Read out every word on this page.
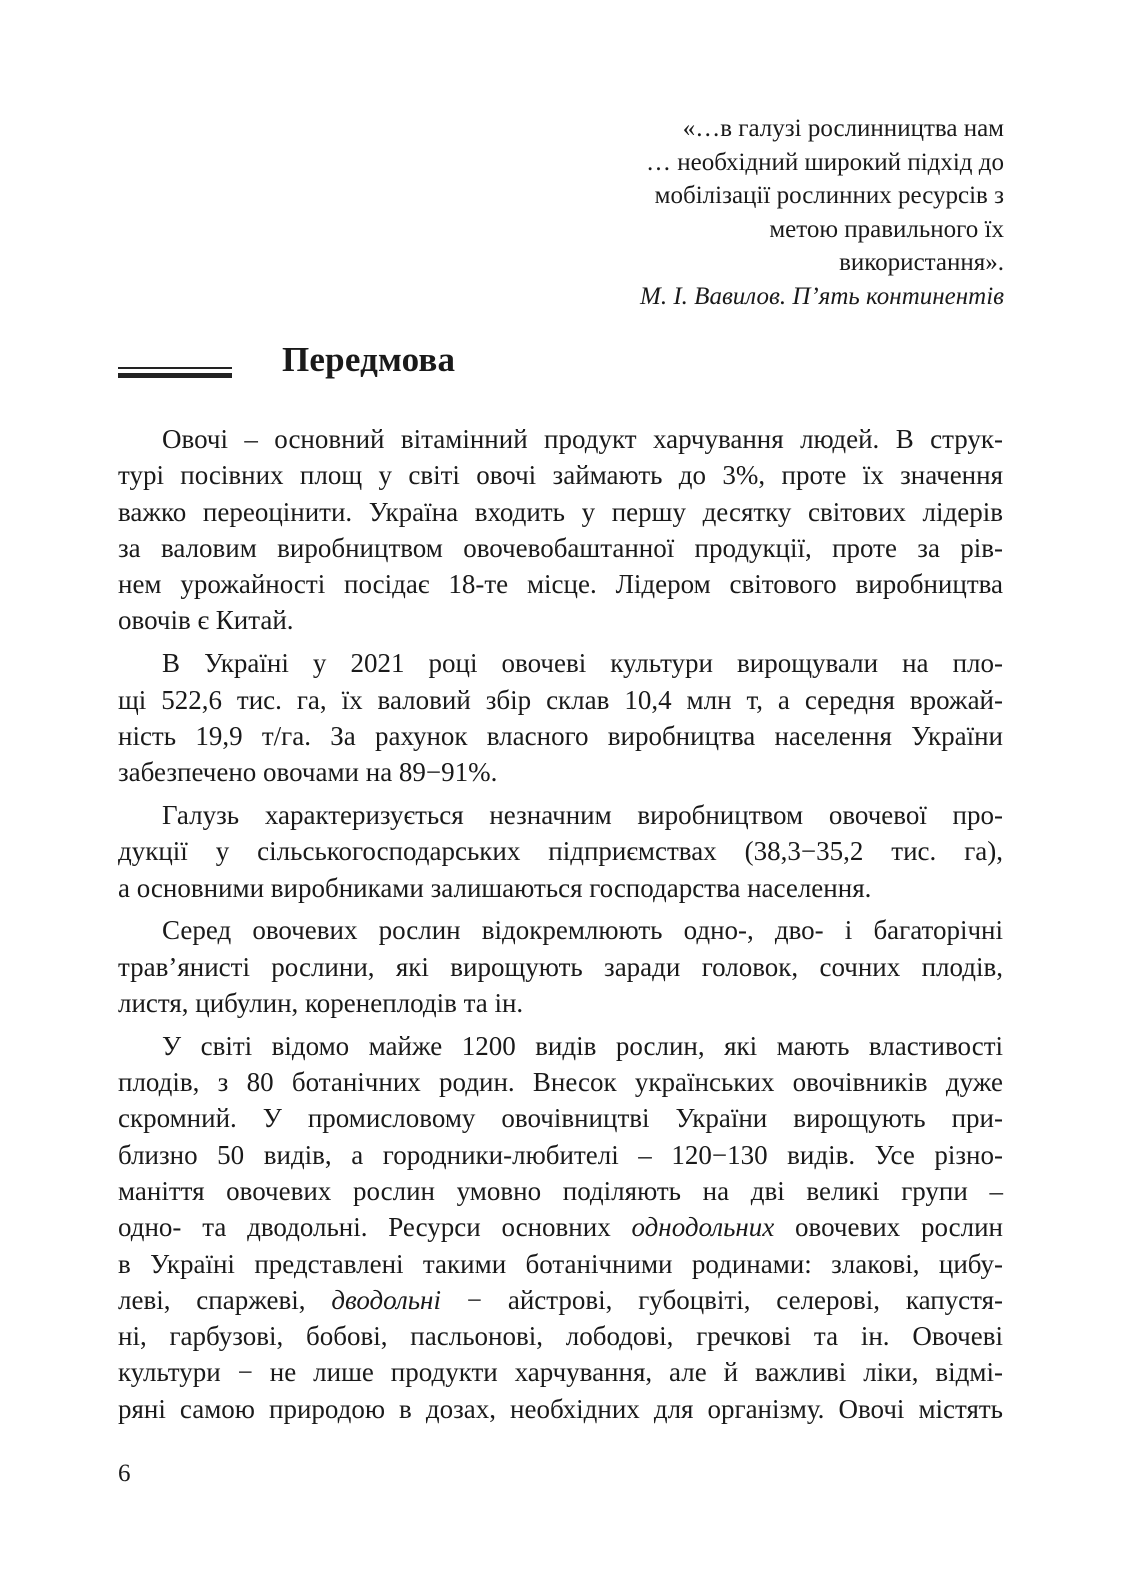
«…в галузі рослинництва нам
… необхідний широкий підхід до
мобілізації рослинних ресурсів з
метою правильного їх
використання».
М. І. Вавилов. П’ять континентів
Передмова
Овочі – основний вітамінний продукт харчування людей. В струк-
турі посівних площ у світі овочі займають до 3%, проте їх значення
важко переоцінити. Україна входить у першу десятку світових лідерів
за валовим виробництвом овочевобаштанної продукції, проте за рів-
нем урожайності посідає 18-те місце. Лідером світового виробництва
овочів є Китай.
В Україні у 2021 році овочеві культури вирощували на пло-
щі 522,6 тис. га, їх валовий збір склав 10,4 млн т, а середня врожай-
ність 19,9 т/га. За рахунок власного виробництва населення України
забезпечено овочами на 89−91%.
Галузь характеризується незначним виробництвом овочевої про-
дукції у сільськогосподарських підприємствах (38,3−35,2 тис. га),
а основними виробниками залишаються господарства населення.
Серед овочевих рослин відокремлюють одно-, дво- і багаторічні
трав’янисті рослини, які вирощують заради головок, сочних плодів,
листя, цибулин, коренеплодів та ін.
У світі відомо майже 1200 видів рослин, які мають властивості
плодів, з 80 ботанічних родин. Внесок українських овочівників дуже
скромний. У промисловому овочівництві України вирощують при-
близно 50 видів, а городники-любителі – 120−130 видів. Усе різно-
маніття овочевих рослин умовно поділяють на дві великі групи –
одно- та дводольні. Ресурси основних однодольних овочевих рослин
в Україні представлені такими ботанічними родинами: злакові, цибу-
леві, спаржеві, дводольні − айстрові, губоцвіті, селерові, капустя-
ні, гарбузові, бобові, пасльонові, лободові, гречкові та ін. Овочеві
культури − не лише продукти харчування, але й важливі ліки, відмі-
ряні самою природою в дозах, необхідних для організму. Овочі містять
6
